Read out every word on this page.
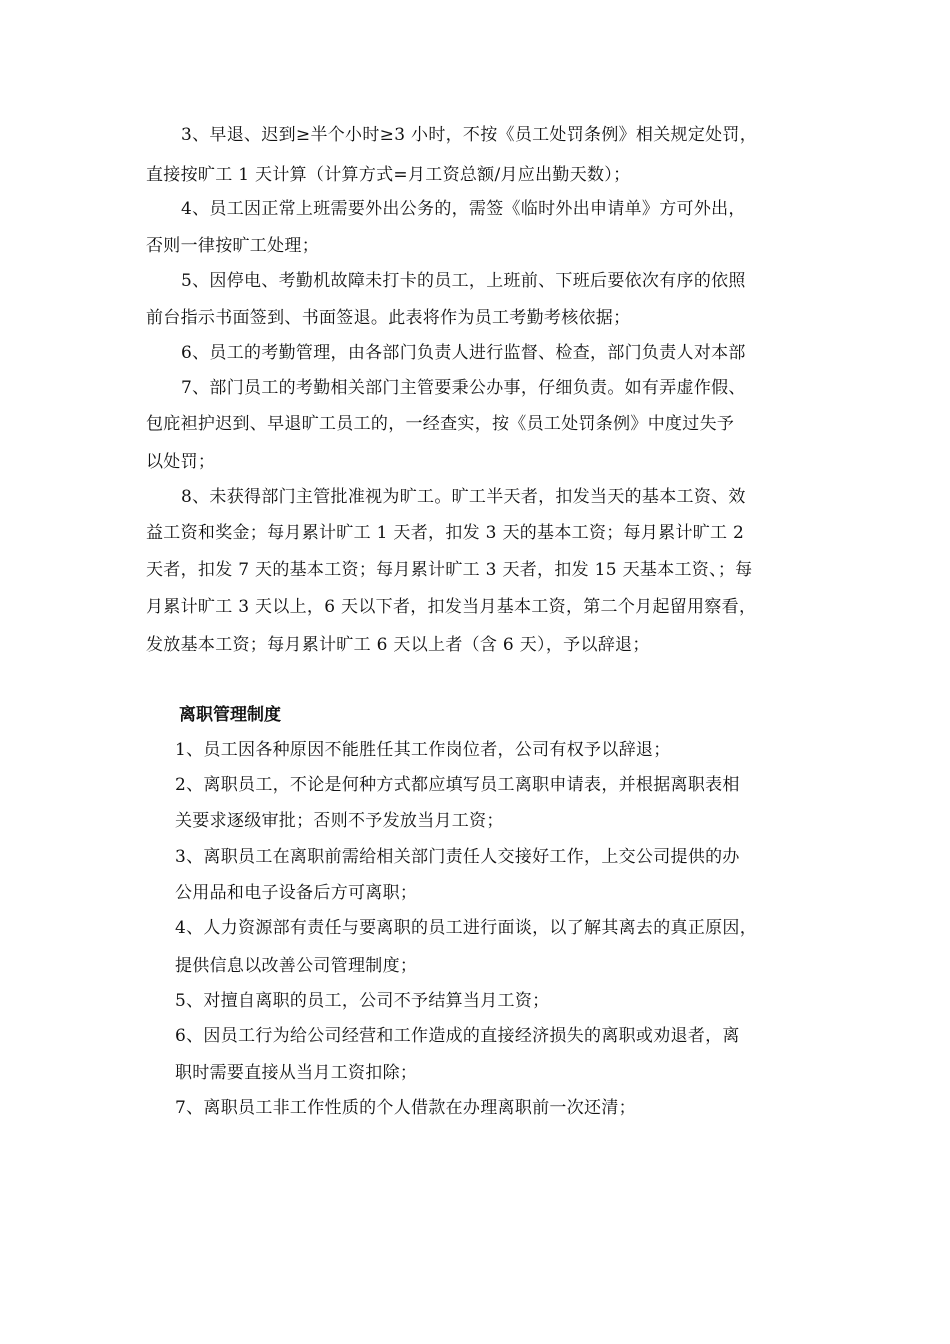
3、早退、迟到≥半个小时≥3 小时，不按《员工处罚条例》相关规定处罚，
直接按旷工 1 天计算（计算方式=月工资总额/月应出勤天数）；
4、员工因正常上班需要外出公务的，需签《临时外出申请单》方可外出，
否则一律按旷工处理；
5、因停电、考勤机故障未打卡的员工，上班前、下班后要依次有序的依照
前台指示书面签到、书面签退。此表将作为员工考勤考核依据；
6、员工的考勤管理，由各部门负责人进行监督、检查，部门负责人对本部
7、部门员工的考勤相关部门主管要秉公办事，仔细负责。如有弄虚作假、
包庇袒护迟到、早退旷工员工的，一经查实，按《员工处罚条例》中度过失予
以处罚；
8、未获得部门主管批准视为旷工。旷工半天者，扣发当天的基本工资、效
益工资和奖金；每月累计旷工 1 天者，扣发 3 天的基本工资；每月累计旷工 2
天者，扣发 7 天的基本工资；每月累计旷工 3 天者，扣发 15 天基本工资、；每
月累计旷工 3 天以上，6 天以下者，扣发当月基本工资，第二个月起留用察看，
发放基本工资；每月累计旷工 6 天以上者（含 6 天），予以辞退；
离职管理制度
1、员工因各种原因不能胜任其工作岗位者，公司有权予以辞退；
2、离职员工，不论是何种方式都应填写员工离职申请表，并根据离职表相
关要求逐级审批；否则不予发放当月工资；
3、离职员工在离职前需给相关部门责任人交接好工作，上交公司提供的办
公用品和电子设备后方可离职；
4、人力资源部有责任与要离职的员工进行面谈，以了解其离去的真正原因，
提供信息以改善公司管理制度；
5、对擅自离职的员工，公司不予结算当月工资；
6、因员工行为给公司经营和工作造成的直接经济损失的离职或劝退者，离
职时需要直接从当月工资扣除；
7、离职员工非工作性质的个人借款在办理离职前一次还清；
